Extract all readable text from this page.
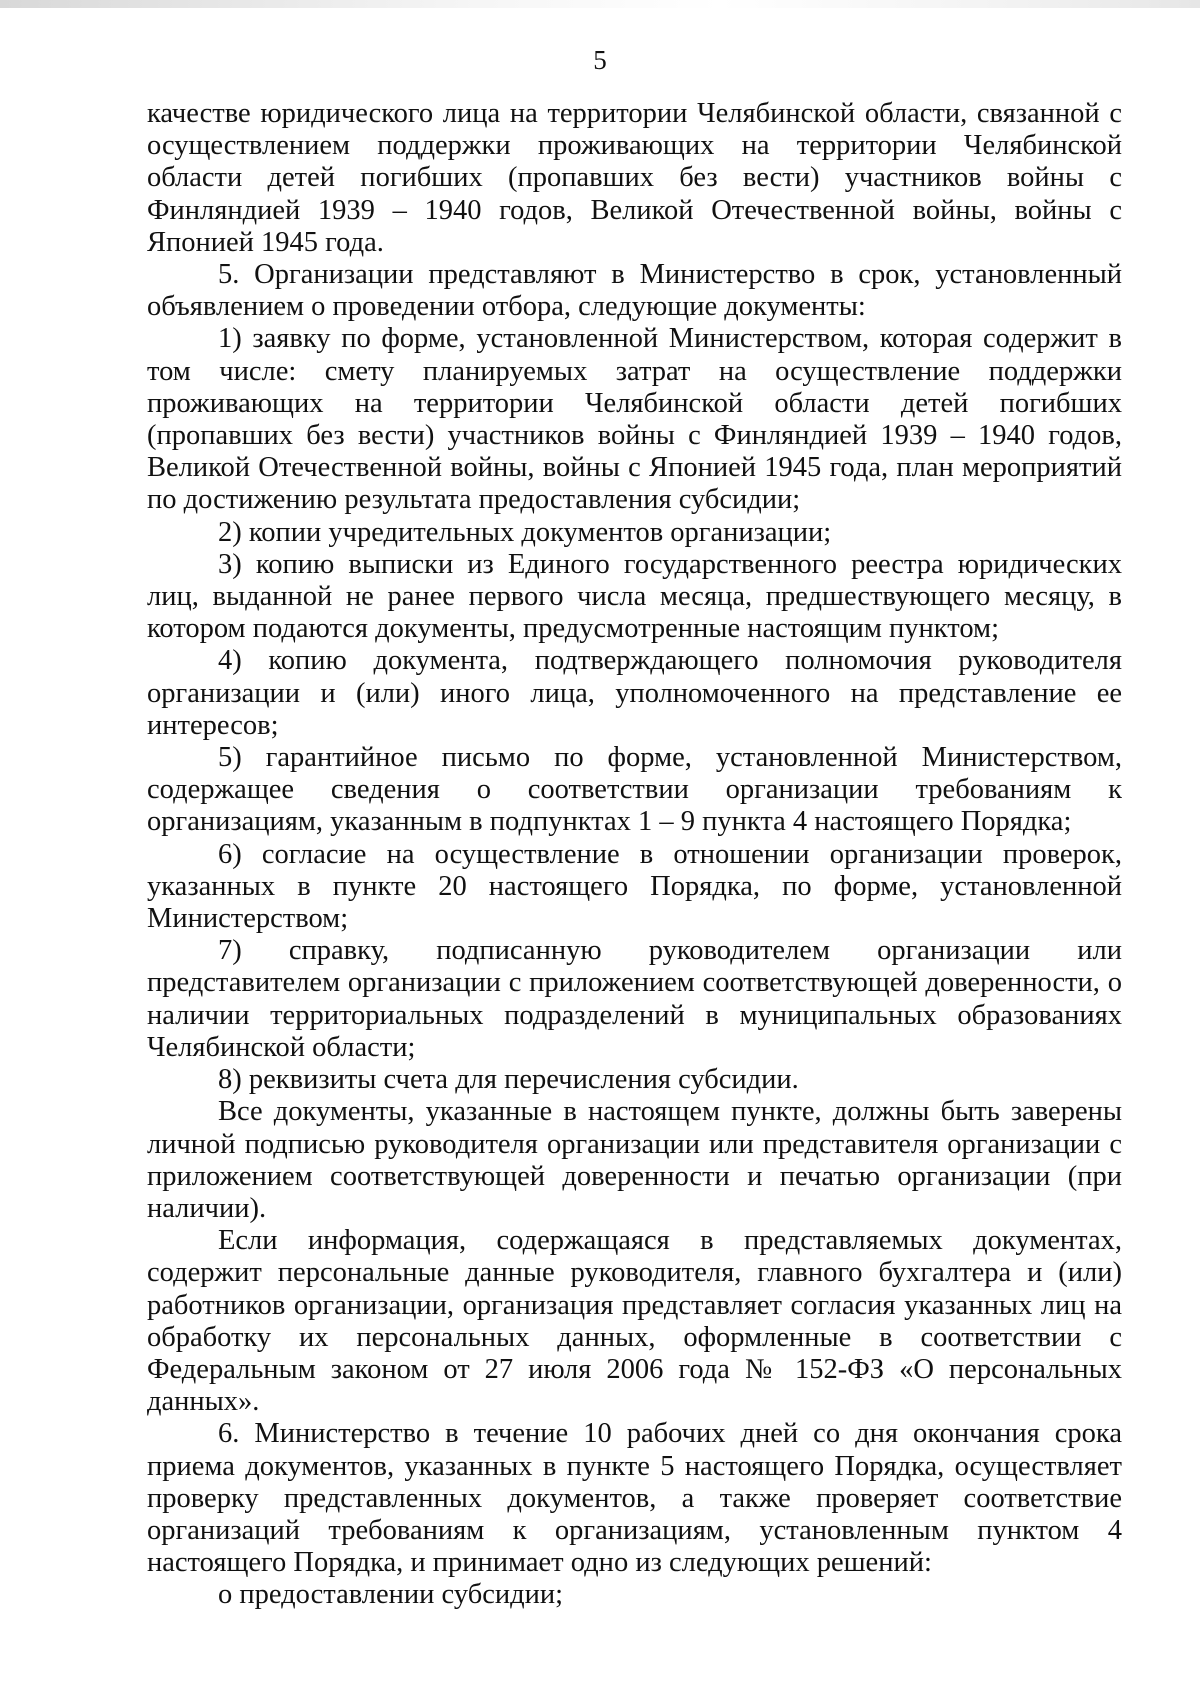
5

качестве юридического лица на территории Челябинской области, связанной с осуществлением поддержки проживающих на территории Челябинской области детей погибших (пропавших без вести) участников войны с Финляндией 1939 – 1940 годов, Великой Отечественной войны, войны с Японией 1945 года.

5. Организации представляют в Министерство в срок, установленный объявлением о проведении отбора, следующие документы:

1) заявку по форме, установленной Министерством, которая содержит в том числе: смету планируемых затрат на осуществление поддержки проживающих на территории Челябинской области детей погибших (пропавших без вести) участников войны с Финляндией 1939 – 1940 годов, Великой Отечественной войны, войны с Японией 1945 года, план мероприятий по достижению результата предоставления субсидии;

2) копии учредительных документов организации;

3) копию выписки из Единого государственного реестра юридических лиц, выданной не ранее первого числа месяца, предшествующего месяцу, в котором подаются документы, предусмотренные настоящим пунктом;

4) копию документа, подтверждающего полномочия руководителя организации и (или) иного лица, уполномоченного на представление ее интересов;

5) гарантийное письмо по форме, установленной Министерством, содержащее сведения о соответствии организации требованиям к организациям, указанным в подпунктах 1 – 9 пункта 4 настоящего Порядка;

6) согласие на осуществление в отношении организации проверок, указанных в пункте 20 настоящего Порядка, по форме, установленной Министерством;

7) справку, подписанную руководителем организации или представителем организации с приложением соответствующей доверенности, о наличии территориальных подразделений в муниципальных образованиях Челябинской области;

8) реквизиты счета для перечисления субсидии.

Все документы, указанные в настоящем пункте, должны быть заверены личной подписью руководителя организации или представителя организации с приложением соответствующей доверенности и печатью организации (при наличии).

Если информация, содержащаяся в представляемых документах, содержит персональные данные руководителя, главного бухгалтера и (или) работников организации, организация представляет согласия указанных лиц на обработку их персональных данных, оформленные в соответствии с Федеральным законом от 27 июля 2006 года № 152-ФЗ «О персональных данных».

6. Министерство в течение 10 рабочих дней со дня окончания срока приема документов, указанных в пункте 5 настоящего Порядка, осуществляет проверку представленных документов, а также проверяет соответствие организаций требованиям к организациям, установленным пунктом 4 настоящего Порядка, и принимает одно из следующих решений:

о предоставлении субсидии;
